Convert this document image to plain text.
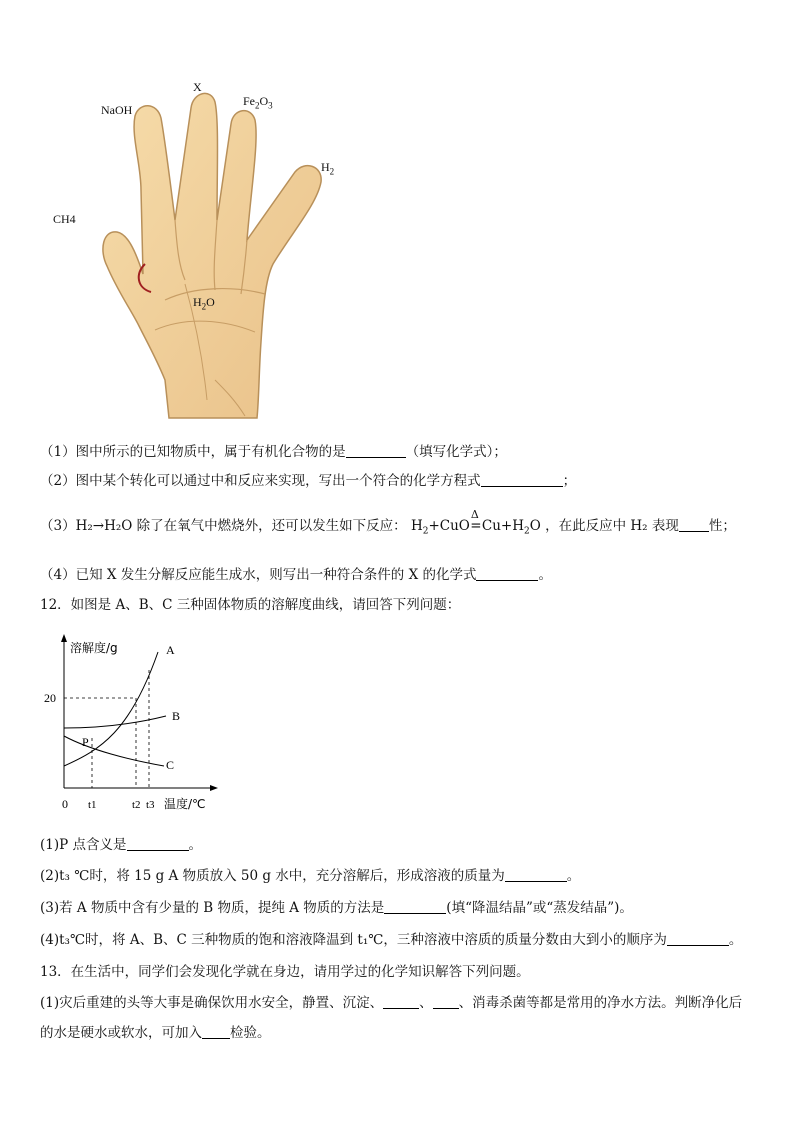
NaOH
X
$Fe_2O_3$
$H_2$
CH4
$H_2O$
（1）图中所示的已知物质中，属于有机化合物的是	（填写化学式）；
（2）图中某个转化可以通过中和反应来实现，写出一个符合的化学方程式	；
（3）H₂→H₂O 除了在氧气中燃烧外，还可以发生如下反应： $H_2+CuO$
Δ
$=Cu+H_2O$ ，在此反应中 H₂ 表现 性；
（4）已知 X 发生分解反应能生成水，则写出一种符合条件的 X 的化学式	。
12．如图是 A、B、C 三种固体物质的溶解度曲线，请回答下列问题：
溶解度/g
温度/℃
20
0 t1	t2 t3
P
A
B
C
(1)P 点含义是	。
(2)t₃ ℃时，将 15 g A 物质放入 50 g 水中，充分溶解后，形成溶液的质量为	。
(3)若 A 物质中含有少量的 B 物质，提纯 A 物质的方法是	(填“降温结晶”或“蒸发结晶”)。
(4)t₃℃时，将 A、B、C 三种物质的饱和溶液降温到 t₁℃，三种溶液中溶质的质量分数由大到小的顺序为	。
13．在生活中，同学们会发现化学就在身边，请用学过的化学知识解答下列问题。
(1)灾后重建的头等大事是确保饮用水安全，静置、沉淀、	、 、消毒杀菌等都是常用的净水方法。判断净化后
的水是硬水或软水，可加入 检验。
